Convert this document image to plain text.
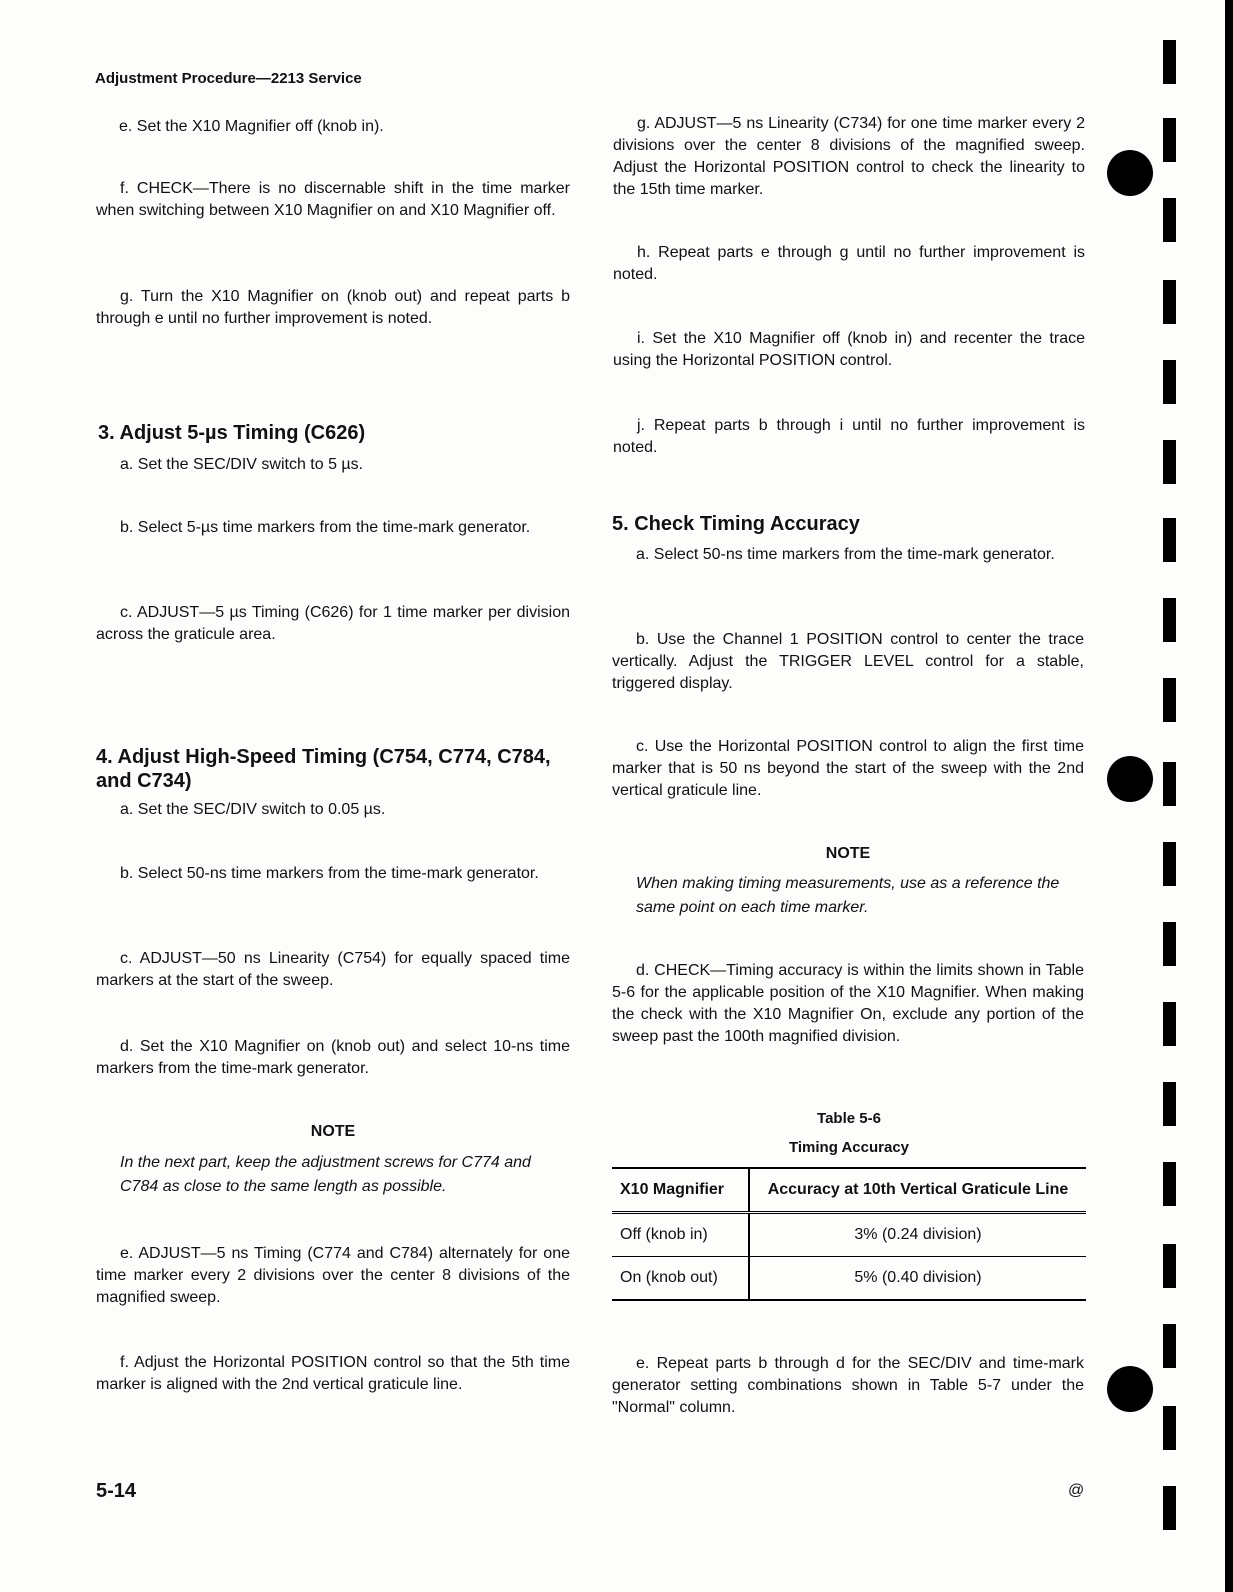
Adjustment Procedure—2213 Service

e. Set the X10 Magnifier off (knob in).

f. CHECK—There is no discernable shift in the time marker when switching between X10 Magnifier on and X10 Magnifier off.

g. Turn the X10 Magnifier on (knob out) and repeat parts b through e until no further improvement is noted.

3. Adjust 5-µs Timing (C626)

a. Set the SEC/DIV switch to 5 µs.

b. Select 5-µs time markers from the time-mark generator.

c. ADJUST—5 µs Timing (C626) for 1 time marker per division across the graticule area.

4. Adjust High-Speed Timing (C754, C774, C784, and C734)

a. Set the SEC/DIV switch to 0.05 µs.

b. Select 50-ns time markers from the time-mark generator.

c. ADJUST—50 ns Linearity (C754) for equally spaced time markers at the start of the sweep.

d. Set the X10 Magnifier on (knob out) and select 10-ns time markers from the time-mark generator.

NOTE
In the next part, keep the adjustment screws for C774 and C784 as close to the same length as possible.

e. ADJUST—5 ns Timing (C774 and C784) alternately for one time marker every 2 divisions over the center 8 divisions of the magnified sweep.

f. Adjust the Horizontal POSITION control so that the 5th time marker is aligned with the 2nd vertical graticule line.

g. ADJUST—5 ns Linearity (C734) for one time marker every 2 divisions over the center 8 divisions of the magnified sweep. Adjust the Horizontal POSITION control to check the linearity to the 15th time marker.

h. Repeat parts e through g until no further improvement is noted.

i. Set the X10 Magnifier off (knob in) and recenter the trace using the Horizontal POSITION control.

j. Repeat parts b through i until no further improvement is noted.

5. Check Timing Accuracy

a. Select 50-ns time markers from the time-mark generator.

b. Use the Channel 1 POSITION control to center the trace vertically. Adjust the TRIGGER LEVEL control for a stable, triggered display.

c. Use the Horizontal POSITION control to align the first time marker that is 50 ns beyond the start of the sweep with the 2nd vertical graticule line.

NOTE
When making timing measurements, use as a reference the same point on each time marker.

d. CHECK—Timing accuracy is within the limits shown in Table 5-6 for the applicable position of the X10 Magnifier. When making the check with the X10 Magnifier On, exclude any portion of the sweep past the 100th magnified division.

Table 5-6
Timing Accuracy
X10 Magnifier	Accuracy at 10th Vertical Graticule Line
Off (knob in)	3% (0.24 division)
On (knob out)	5% (0.40 division)

e. Repeat parts b through d for the SEC/DIV and time-mark generator setting combinations shown in Table 5-7 under the "Normal" column.

5-14	@
